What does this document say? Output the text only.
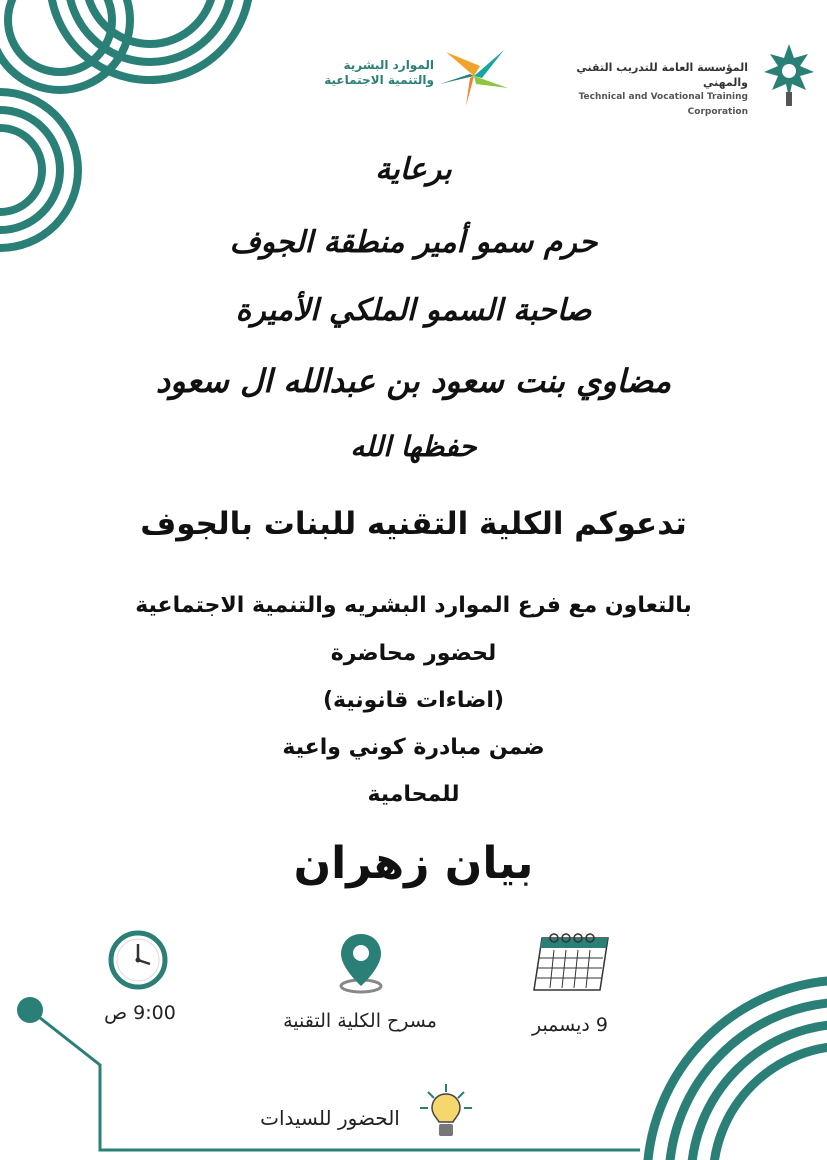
المؤسسة العامة للتدريب التقني والمهني
Technical and Vocational Training Corporation
الموارد البشرية
والتنمية الاجتماعية
برعاية
حرم سمو أمير منطقة الجوف
صاحبة السمو الملكي الأميرة
مضاوي بنت سعود بن عبدالله ال سعود
حفظها الله
تدعوكم الكلية التقنيه للبنات بالجوف
بالتعاون مع فرع الموارد البشريه والتنمية الاجتماعية
لحضور محاضرة
(اضاءات قانونية)
ضمن مبادرة كوني واعية
للمحامية
بيان زهران
9:00 ص	مسرح الكلية التقنية	9 ديسمبر
الحضور للسيدات
